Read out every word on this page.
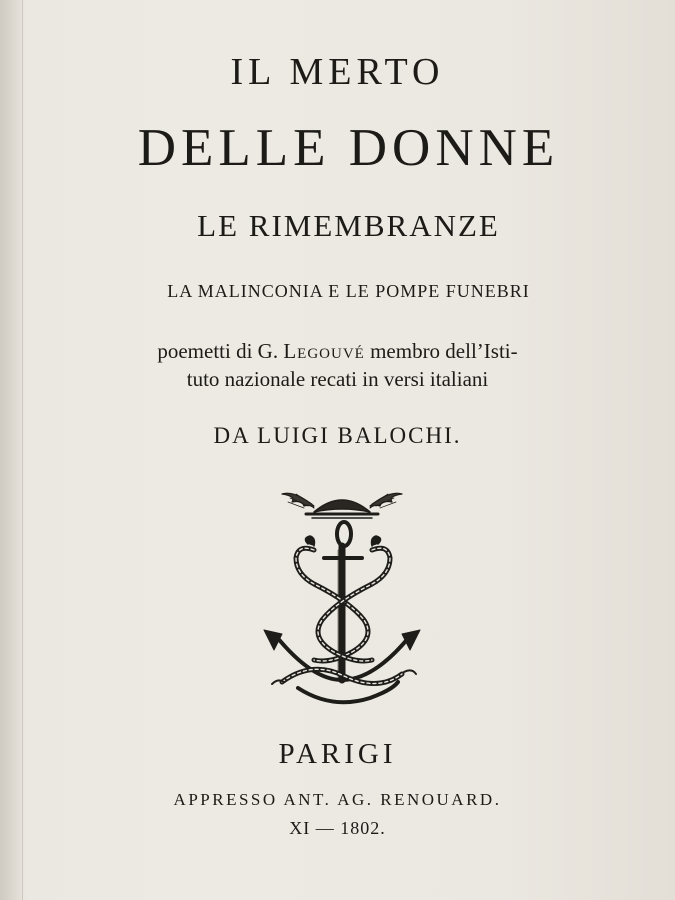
IL MERTO
DELLE DONNE
LE RIMEMBRANZE
LA MALINCONIA E LE POMPE FUNEBRI
poemetti di G. Legouvé membro dell’Isti-
tuto nazionale recati in versi italiani
DA LUIGI BALOCHI.
PARIGI
APPRESSO ANT. AG. RENOUARD.
XI — 1802.
